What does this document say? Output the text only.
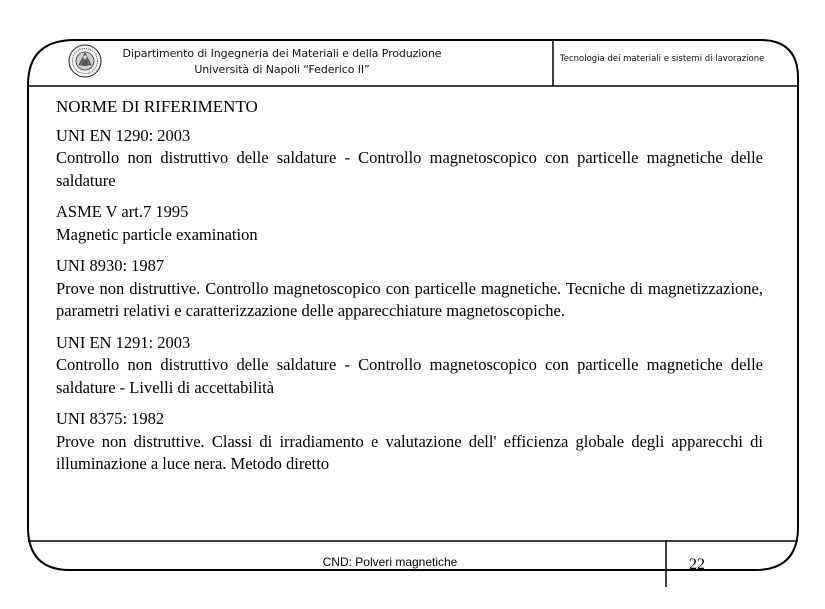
Dipartimento di Ingegneria dei Materiali e della Produzione
Università di Napoli “Federico II”
Tecnologia dei materiali e sistemi di lavorazione
NORME DI RIFERIMENTO
UNI EN 1290: 2003
Controllo non distruttivo delle saldature - Controllo magnetoscopico con particelle magnetiche delle saldature
ASME V art.7 1995
Magnetic particle examination
UNI 8930: 1987
Prove non distruttive. Controllo magnetoscopico con particelle magnetiche. Tecniche di magnetizzazione, parametri relativi e caratterizzazione delle apparecchiature magnetoscopiche.
UNI EN 1291: 2003
Controllo non distruttivo delle saldature - Controllo magnetoscopico con particelle magnetiche delle saldature - Livelli di accettabilità
UNI 8375: 1982
Prove non distruttive. Classi di irradiamento e valutazione dell' efficienza globale degli apparecchi di illuminazione a luce nera. Metodo diretto
CND: Polveri magnetiche	22
